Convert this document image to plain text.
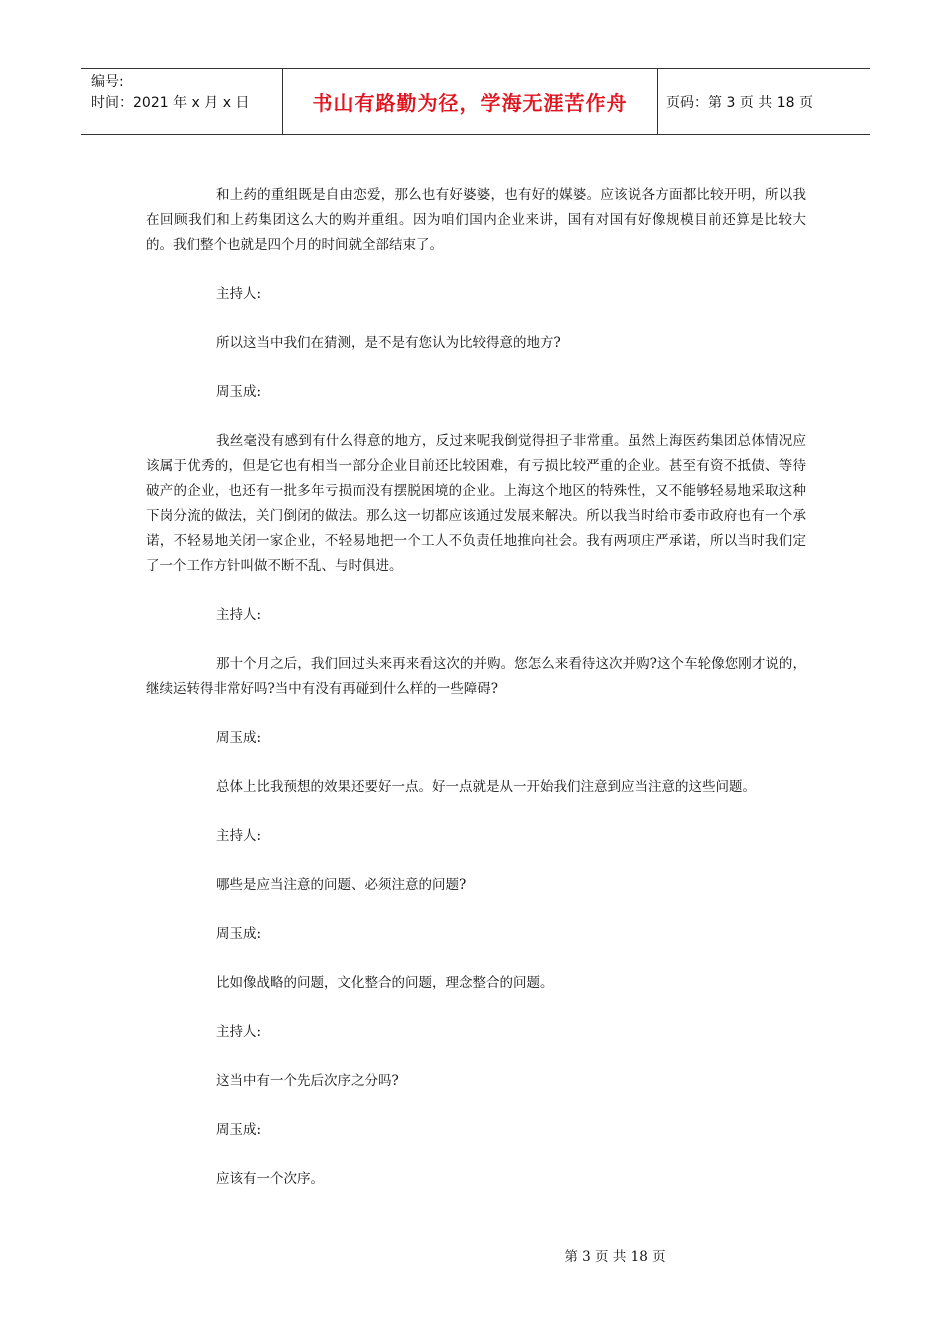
编号:
时间：2021 年 x 月 x 日	书山有路勤为径，学海无涯苦作舟	页码：第 3 页 共 18 页

和上药的重组既是自由恋爱，那么也有好婆婆，也有好的媒婆。应该说各方面都比较开明，所以我在回顾我们和上药集团这么大的购并重组。因为咱们国内企业来讲，国有对国有好像规模目前还算是比较大的。我们整个也就是四个月的时间就全部结束了。

主持人:

所以这当中我们在猜测，是不是有您认为比较得意的地方?

周玉成:

我丝毫没有感到有什么得意的地方，反过来呢我倒觉得担子非常重。虽然上海医药集团总体情况应该属于优秀的，但是它也有相当一部分企业目前还比较困难，有亏损比较严重的企业。甚至有资不抵债、等待破产的企业，也还有一批多年亏损而没有摆脱困境的企业。上海这个地区的特殊性，又不能够轻易地采取这种下岗分流的做法，关门倒闭的做法。那么这一切都应该通过发展来解决。所以我当时给市委市政府也有一个承诺，不轻易地关闭一家企业，不轻易地把一个工人不负责任地推向社会。我有两项庄严承诺，所以当时我们定了一个工作方针叫做不断不乱、与时俱进。

主持人:

那十个月之后，我们回过头来再来看这次的并购。您怎么来看待这次并购?这个车轮像您刚才说的，继续运转得非常好吗?当中有没有再碰到什么样的一些障碍?

周玉成:

总体上比我预想的效果还要好一点。好一点就是从一开始我们注意到应当注意的这些问题。

主持人:

哪些是应当注意的问题、必须注意的问题?

周玉成:

比如像战略的问题，文化整合的问题，理念整合的问题。

主持人:

这当中有一个先后次序之分吗?

周玉成:

应该有一个次序。

第 3 页 共 18 页
